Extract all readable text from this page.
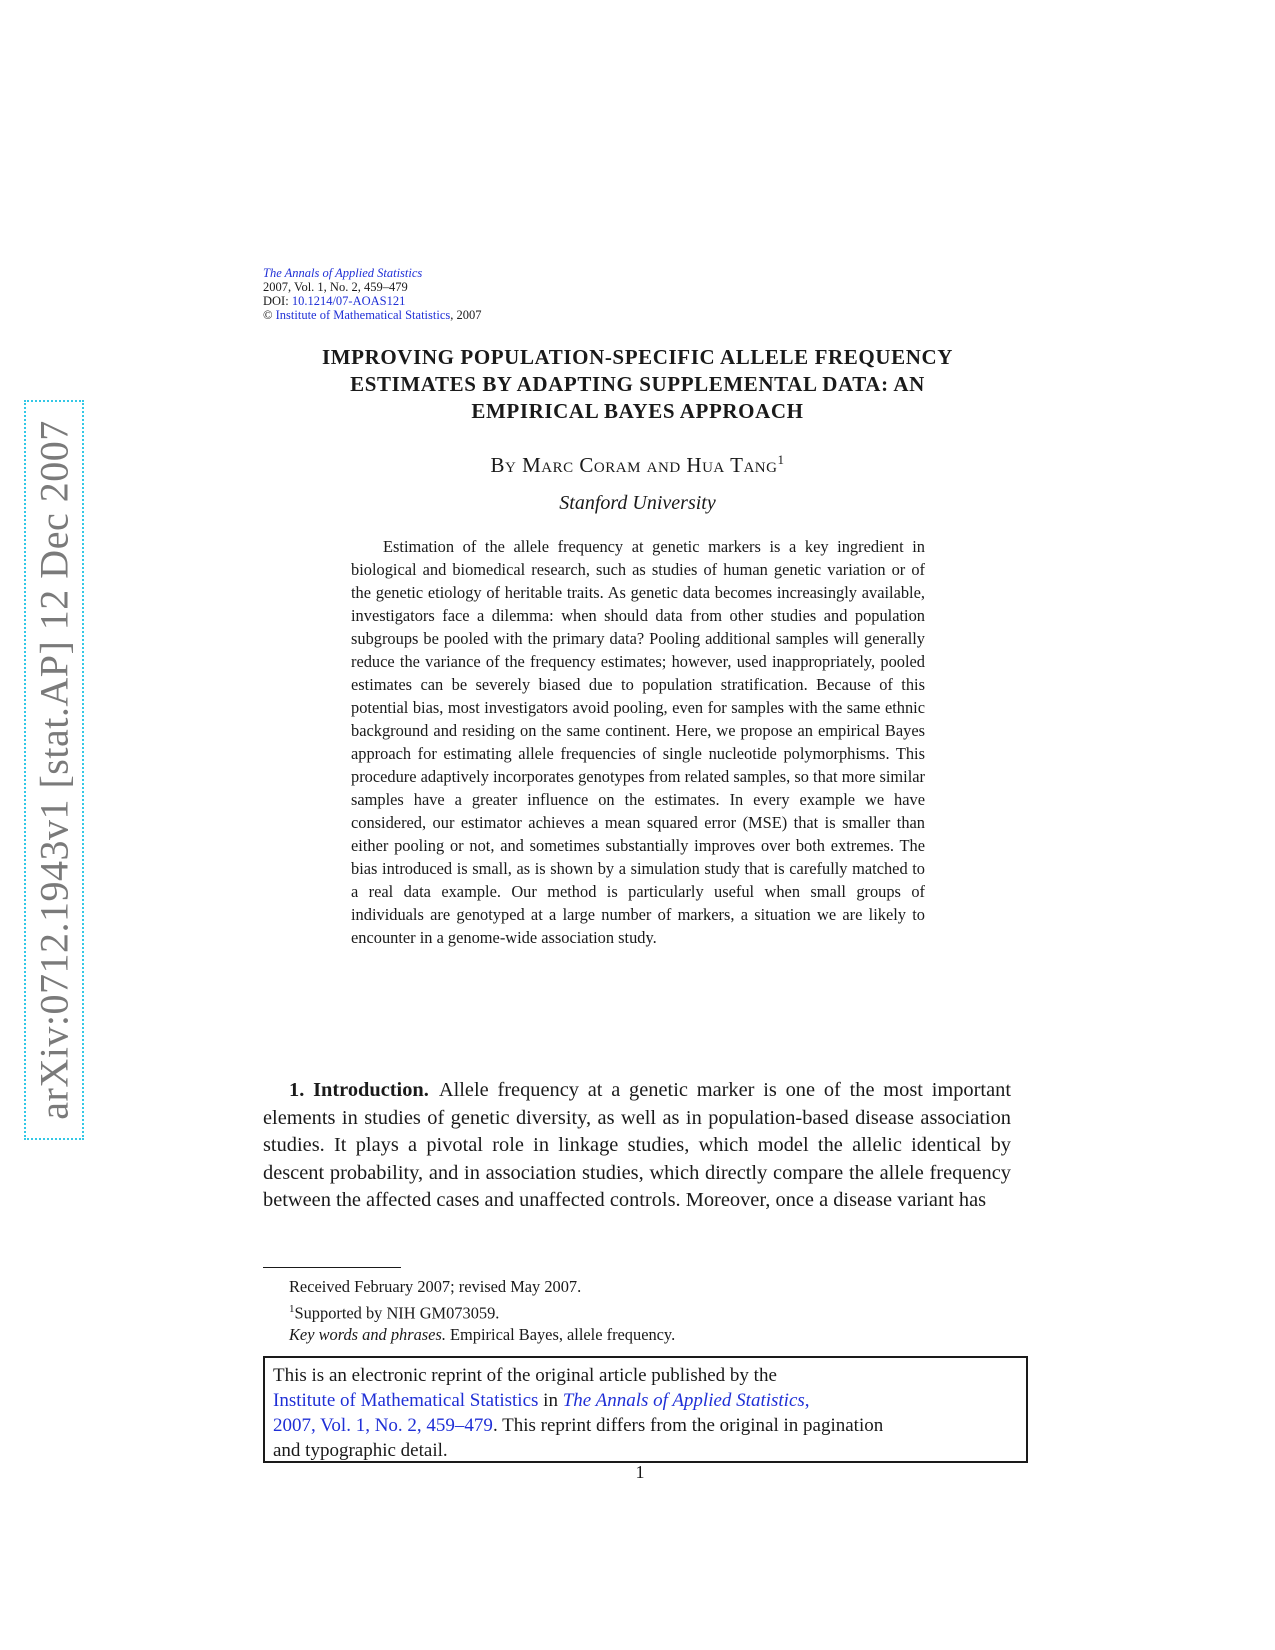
arXiv:0712.1943v1 [stat.AP] 12 Dec 2007
The Annals of Applied Statistics
2007, Vol. 1, No. 2, 459–479
DOI: 10.1214/07-AOAS121
© Institute of Mathematical Statistics, 2007
IMPROVING POPULATION-SPECIFIC ALLELE FREQUENCY
ESTIMATES BY ADAPTING SUPPLEMENTAL DATA: AN
EMPIRICAL BAYES APPROACH
By Marc Coram and Hua Tang$^1$
Stanford University
Estimation of the allele frequency at genetic markers is a key ingredient in biological and biomedical research, such as studies of human genetic variation or of the genetic etiology of heritable traits. As genetic data becomes increasingly available, investigators face a dilemma: when should data from other studies and population subgroups be pooled with the primary data? Pooling additional samples will generally reduce the variance of the frequency estimates; however, used inappropriately, pooled estimates can be severely biased due to population stratification. Because of this potential bias, most investigators avoid pooling, even for samples with the same ethnic background and residing on the same continent. Here, we propose an empirical Bayes approach for estimating allele frequencies of single nucleotide polymorphisms. This procedure adaptively incorporates genotypes from related samples, so that more similar samples have a greater influence on the estimates. In every example we have considered, our estimator achieves a mean squared error (MSE) that is smaller than either pooling or not, and sometimes substantially improves over both extremes. The bias introduced is small, as is shown by a simulation study that is carefully matched to a real data example. Our method is particularly useful when small groups of individuals are genotyped at a large number of markers, a situation we are likely to encounter in a genome-wide association study.
1. Introduction. Allele frequency at a genetic marker is one of the most important elements in studies of genetic diversity, as well as in population-based disease association studies. It plays a pivotal role in linkage studies, which model the allelic identical by descent probability, and in association studies, which directly compare the allele frequency between the affected cases and unaffected controls. Moreover, once a disease variant has
Received February 2007; revised May 2007.
$^1$Supported by NIH GM073059.
Key words and phrases. Empirical Bayes, allele frequency.
This is an electronic reprint of the original article published by the
Institute of Mathematical Statistics in The Annals of Applied Statistics,
2007, Vol. 1, No. 2, 459–479. This reprint differs from the original in pagination
and typographic detail.
1
